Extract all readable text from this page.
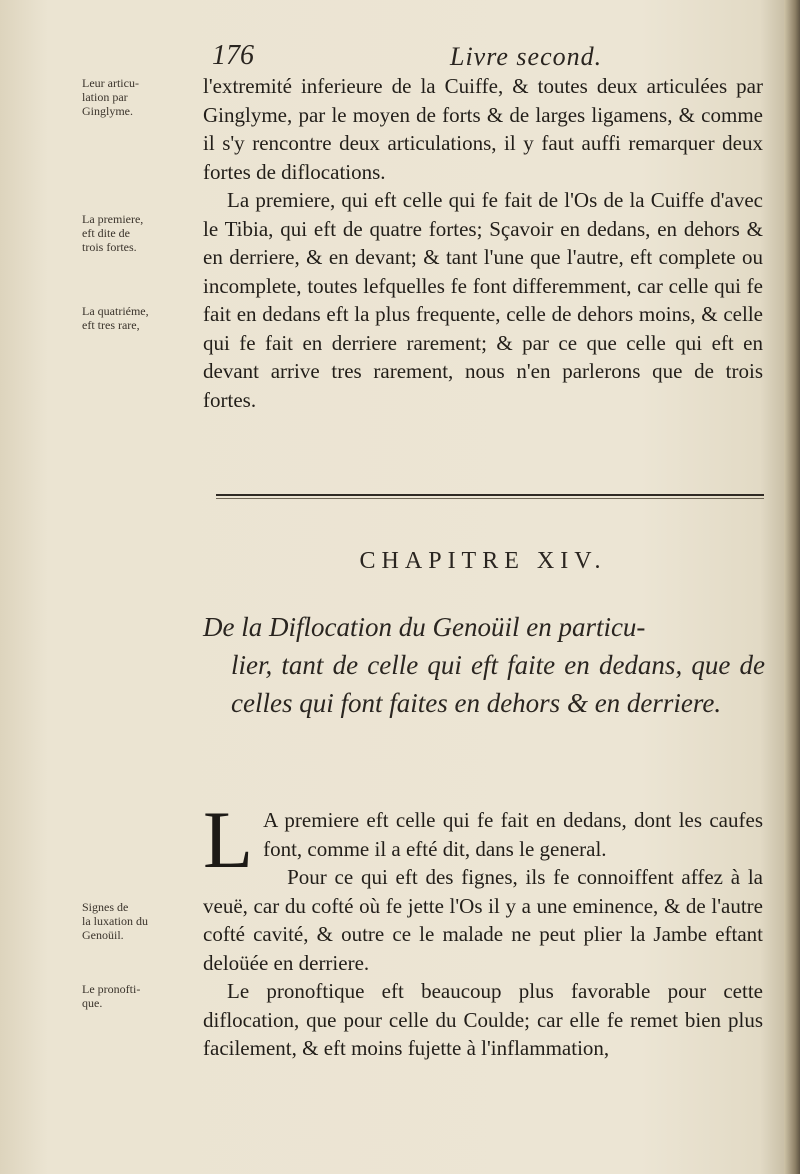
176	Livre second.
Leur articu-
lation par
Ginglyme.
La premiere,
eft dite de
trois fortes.
La quatriéme,
eft tres rare,
Signes de
la luxation du
Genoüil.
Le pronofti-
que.

l'extremité inferieure de la Cuiffe, & toutes deux articulées par Ginglyme, par le moyen de forts & de larges ligamens, & comme il s'y rencontre deux articulations, il y faut auffi remarquer deux fortes de diflocations.

La premiere, qui eft celle qui fe fait de l'Os de la Cuiffe d'avec le Tibia, qui eft de quatre fortes; Sçavoir en dedans, en dehors & en derriere, & en devant; & tant l'une que l'autre, eft complete ou incomplete, toutes lefquelles fe font differemment, car celle qui fe fait en dedans eft la plus frequente, celle de dehors moins, & celle qui fe fait en derriere rarement; & par ce que celle qui eft en devant arrive tres rarement, nous n'en parlerons que de trois fortes.

CHAPITRE XIV.
De la Diflocation du Genoüil en particu-
lier, tant de celle qui eft faite en dedans, que de celles qui font faites en dehors & en derriere.

L A premiere eft celle qui fe fait en dedans, dont les caufes font, comme il a efté dit, dans le general.

Pour ce qui eft des fignes, ils fe connoiffent affez à la veuë, car du cofté où fe jette l'Os il y a une eminence, & de l'autre cofté cavité, & outre ce le malade ne peut plier la Jambe eftant deloüée en derriere.

Le pronoftique eft beaucoup plus favorable pour cette diflocation, que pour celle du Coulde; car elle fe remet bien plus facilement, & eft moins fujette à l'inflammation,
